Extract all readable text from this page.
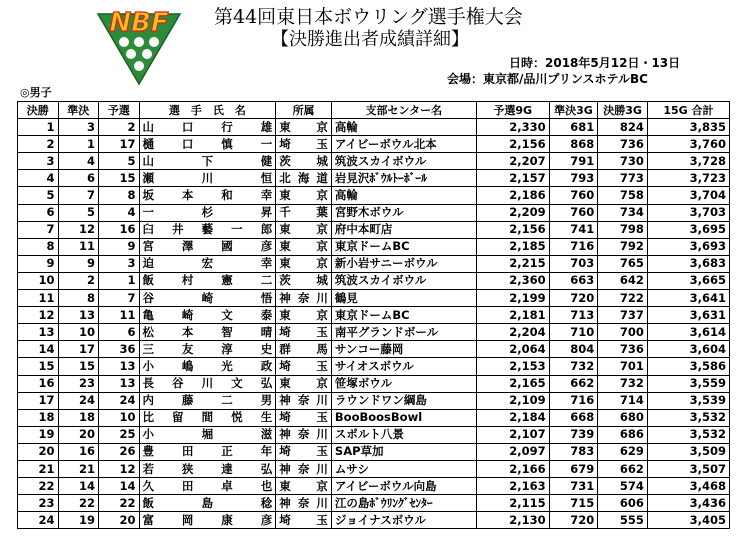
NBF 第44回東日本ボウリング選手権大会
【決勝進出者成績詳細】
日時：2018年5月12日・13日
会場：東京都/品川プリンスホテルBC
◎男子
決勝	準決	予選	選　手　氏　名	所属	支部センター名	予選9G	準決3G	決勝3G	15G 合計
1	3	2	山口行雄	東京	高輪	2,330	681	824	3,835
2	1	17	樋口慎一	埼玉	アイビーボウル北本	2,156	868	736	3,760
3	4	5	山下健	茨城	筑波スカイボウル	2,207	791	730	3,728
4	6	15	瀬川恒	北海道	岩見沢ﾎﾞｳﾙﾄｰﾎﾞｰﾙ	2,157	793	773	3,723
5	7	8	坂本和幸	東京	高輪	2,186	760	758	3,704
6	5	4	一杉昇	千葉	宮野木ボウル	2,209	760	734	3,703
7	12	16	臼井藝一郎	東京	府中本町店	2,156	741	798	3,695
8	11	9	宮澤國彦	東京	東京ドームBC	2,185	716	792	3,693
9	9	3	迫宏幸	東京	新小岩サニーボウル	2,215	703	765	3,683
10	2	1	飯村憲二	茨城	筑波スカイボウル	2,360	663	642	3,665
11	8	7	谷崎悟	神奈川	鶴見	2,199	720	722	3,641
12	13	11	亀崎文泰	東京	東京ドームBC	2,181	713	737	3,631
13	10	6	松本智晴	埼玉	南平グランドボール	2,204	710	700	3,614
14	17	36	三友淳史	群馬	サンコー藤岡	2,064	804	736	3,604
15	15	13	小嶋光政	埼玉	サイオスボウル	2,153	732	701	3,586
16	23	13	長谷川文弘	東京	笹塚ボウル	2,165	662	732	3,559
17	24	24	内藤二男	神奈川	ラウンドワン綱島	2,109	716	714	3,539
18	18	10	比留間悦生	埼玉	BooBoosBowl	2,184	668	680	3,532
19	20	25	小堀滋	神奈川	スポルト八景	2,107	739	686	3,532
20	16	26	豊田正年	埼玉	SAP草加	2,097	783	629	3,509
21	21	12	若狭達弘	神奈川	ムサシ	2,166	679	662	3,507
22	14	14	久田卓也	東京	アイビーボウル向島	2,163	731	574	3,468
23	22	22	飯島稔	神奈川	江の島ﾎﾞｳﾘﾝｸﾞｾﾝﾀｰ	2,115	715	606	3,436
24	19	20	富岡康彦	埼玉	ジョイナスボウル	2,130	720	555	3,405
